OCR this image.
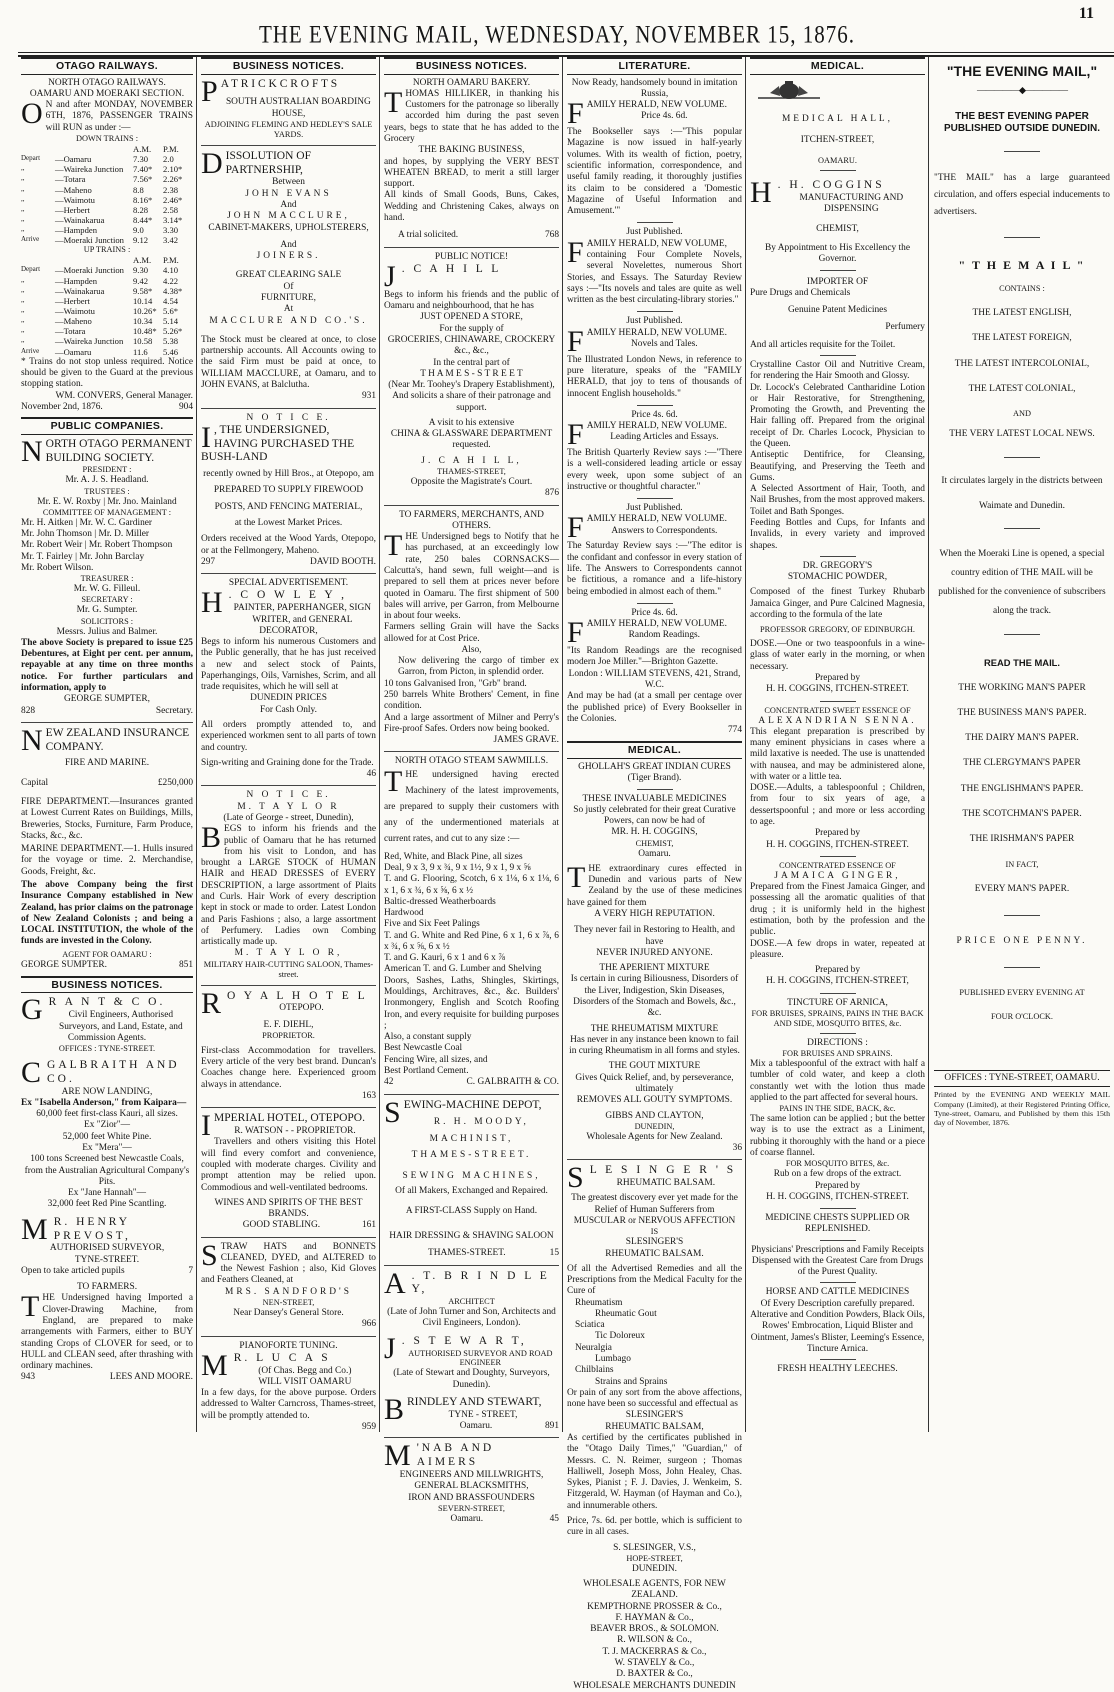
11
THE EVENING MAIL, WEDNESDAY, NOVEMBER 15, 1876.
OTAGO RAILWAYS.
NORTH OTAGO RAILWAYS.
OAMARU AND MOERAKI SECTION.
O N and after MONDAY, NOVEMBER 6TH, 1876, PASSENGER TRAINS will RUN as under :—
DOWN TRAINS :
A.M.	P.M.
Depart	—Oamaru	7.30	2.0
,,	—Waireka Junction	7.40*	2.10*
,,	—Totara	7.56*	2.26*
,,	—Maheno	8.8	2.38
,,	—Waimotu	8.16*	2.46*
,,	—Herbert	8.28	2.58
,,	—Wainakarua	8.44*	3.14*
,,	—Hampden	9.0	3.30
Arrive	—Moeraki Junction	9.12	3.42
UP TRAINS :
A.M.	P.M.
Depart	—Moeraki Junction	9.30	4.10
,,	—Hampden	9.42	4.22
,,	—Wainakarua	9.58*	4.38*
,,	—Herbert	10.14	4.54
,,	—Waimotu	10.26* 5.6*
,,	—Maheno	10.34	5.14
,,	—Totara	10.48* 5.26*
,,	—Waireka Junction	10.58	5.38
Arrive	—Oamaru	11.6	5.46
* Trains do not stop unless required. Notice should be given to the Guard at the previous stopping station.
WM. CONVERS, General Manager.
November 2nd, 1876.	904
PUBLIC COMPANIES.
NORTH OTAGO PERMANENT BUILDING SOCIETY.
PRESIDENT :
Mr. A. J. S. Headland.
TRUSTEES :
Mr. E. W. Roxby | Mr. Jno. Mainland
COMMITTEE OF MANAGEMENT :
Mr. H. Aitken | Mr. W. C. Gardiner
Mr. John Thomson | Mr. D. Miller
Mr. Robert Weir | Mr. Robert Thompson
Mr. T. Fairley | Mr. John Barclay
Mr. Robert Wilson.
TREASURER :
Mr. W. G. Filleul.
SECRETARY :
Mr. G. Sumpter.
SOLICITORS :
Messrs. Julius and Balmer.
The above Society is prepared to issue £25 Debentures, at Eight per cent. per annum, repayable at any time on three months notice. For further particulars and information, apply to
GEORGE SUMPTER,
828	Secretary.
NEW ZEALAND INSURANCE COMPANY.
FIRE AND MARINE.
Capital	£250,000
FIRE DEPARTMENT.—Insurances granted at Lowest Current Rates on Buildings, Mills, Breweries, Stocks, Furniture, Farm Produce, Stacks, &c., &c.
MARINE DEPARTMENT.—1. Hulls insured for the voyage or time. 2. Merchandise, Goods, Freight, &c.
The above Company being the first Insurance Company established in New Zealand, has prior claims on the patronage of New Zealand Colonists ; and being a LOCAL INSTITUTION, the whole of the funds are invested in the Colony.
AGENT FOR OAMARU :
GEORGE SUMPTER.	851
BUSINESS NOTICES.
G R A N T & C O.
Civil Engineers, Authorised Surveyors, and Land, Estate, and Commission Agents.
OFFICES : TYNE-STREET.
CGALBRAITH AND CO.
ARE NOW LANDING,
Ex "Isabella Anderson," from Kaipara—
60,000 feet first-class Kauri, all sizes.
Ex "Zior"—
52,000 feet White Pine.
Ex "Mera"—
100 tons Screened best Newcastle Coals, from the Australian Agricultural Company's Pits.
Ex "Jane Hannah"—
32,000 feet Red Pine Scantling.
M R. HENRY PREVOST,
AUTHORISED SURVEYOR,
TYNE-STREET.
Open to take articled pupils	7
TO FARMERS.
THE Undersigned having Imported a Clover-Drawing Machine, from England, are prepared to make arrangements with Farmers, either to BUY standing Crops of CLOVER for seed, or to HULL and CLEAN seed, after thrashing with ordinary machines.
943	LEES AND MOORE.
BUSINESS NOTICES.
P A T R I C K C R O F T S
SOUTH AUSTRALIAN BOARDING HOUSE,
ADJOINING FLEMING AND HEDLEY'S SALE YARDS.
DISSOLUTION OF PARTNERSHIP,
Between
JOHN EVANS
And
JOHN MACCLURE,
CABINET-MAKERS, UPHOLSTERERS,
And
JOINERS.
GREAT CLEARING SALE
Of
FURNITURE,
At
MACCLURE AND CO.'S.
The Stock must be cleared at once, to close partnership accounts. All Accounts owing to the said Firm must be paid at once, to WILLIAM MACCLURE, at Oamaru, and to JOHN EVANS, at Balclutha.
931
N O T I C E.
I , THE UNDERSIGNED, HAVING PURCHASED THE BUSH-LAND
recently owned by Hill Bros., at Otepopo, am
PREPARED TO SUPPLY FIREWOOD
POSTS, AND FENCING MATERIAL,
at the Lowest Market Prices.
Orders received at the Wood Yards, Otepopo, or at the Fellmongery, Maheno.
297	DAVID BOOTH.
SPECIAL ADVERTISEMENT.
H . C O W L E Y ,
PAINTER, PAPERHANGER, SIGN
WRITER, and GENERAL
DECORATOR,
Begs to inform his numerous Customers and the Public generally, that he has just received a new and select stock of Paints, Paperhangings, Oils, Varnishes, Scrim, and all trade requisites, which he will sell at
DUNEDIN PRICES
For Cash Only.
All orders promptly attended to, and experienced workmen sent to all parts of town and country.
Sign-writing and Graining done for the Trade.
46
N O T I C E.
M. T A Y L O R
(Late of George - street, Dunedin),
BEGS to inform his friends and the public of Oamaru that he has returned from his visit to London, and has brought a LARGE STOCK of HUMAN HAIR and HEAD DRESSES of EVERY DESCRIPTION, a large assortment of Plaits and Curls. Hair Work of every description kept in stock or made to order. Latest London and Paris Fashions ; also, a large assortment of Perfumery. Ladies own Combing artistically made up.
M. T A Y L O R,
MILITARY HAIR-CUTTING SALOON, Thames-street.
R O Y A L H O T E L
OTEPOPO.
E. F. DIEHL,
PROPRIETOR.
First-class Accommodation for travellers. Every article of the very best brand. Duncan's Coaches change here. Experienced groom always in attendance.
163
IMPERIAL HOTEL, OTEPOPO.
R. WATSON - - PROPRIETOR.
Travellers and others visiting this Hotel will find every comfort and convenience, coupled with moderate charges. Civility and prompt attention may be relied upon. Commodious and well-ventilated bedrooms.
WINES AND SPIRITS OF THE BEST BRANDS.
GOOD STABLING.	161
STRAW HATS and BONNETS CLEANED, DYED, and ALTERED to the Newest Fashion ; also, Kid Gloves and Feathers Cleaned, at
MRS. SANDFORD'S
NEN-STREET,
Near Dansey's General Store.
966
PIANOFORTE TUNING.
M R. L U C A S
(Of Chas. Begg and Co.)
WILL VISIT OAMARU
In a few days, for the above purpose. Orders addressed to Walter Carncross, Thames-street, will be promptly attended to.
959
BUSINESS NOTICES.
NORTH OAMARU BAKERY.
THOMAS HILLIKER, in thanking his Customers for the patronage so liberally accorded him during the past seven years, begs to state that he has added to the Grocery
THE BAKING BUSINESS,
and hopes, by supplying the VERY BEST WHEATEN BREAD, to merit a still larger support.
All kinds of Small Goods, Buns, Cakes, Wedding and Christening Cakes, always on hand.
A trial solicited.	768
PUBLIC NOTICE!
J . C A H I L L
Begs to inform his friends and the public of Oamaru and neighbourhood, that he has
JUST OPENED A STORE,
For the supply of
GROCERIES, CHINAWARE, CROCKERY
&c., &c.,
In the central part of
T H A M E S - S T R E E T
(Near Mr. Toohey's Drapery Establishment), And solicits a share of their patronage and support.
A visit to his extensive
CHINA & GLASSWARE DEPARTMENT
requested.
J. C A H I L L,
THAMES-STREET,
Opposite the Magistrate's Court.
876
TO FARMERS, MERCHANTS, AND OTHERS.
THE Undersigned begs to Notify that he has purchased, at an exceedingly low rate, 250 bales CORNSACKS—Calcutta's, hand sewn, full weight—and is prepared to sell them at prices never before quoted in Oamaru. The first shipment of 500 bales will arrive, per Garron, from Melbourne in about four weeks.
Farmers selling Grain will have the Sacks allowed for at Cost Price.
Also,
Now delivering the cargo of timber ex Garron, from Picton, in splendid order.
10 tons Galvanised Iron, "Grb" brand.
250 barrels White Brothers' Cement, in fine condition.
And a large assortment of Milner and Perry's Fire-proof Safes. Orders now being booked.
JAMES GRAVE.
NORTH OTAGO STEAM SAWMILLS.
THE undersigned having erected Machinery of the latest improvements, are prepared to supply their customers with any of the undermentioned materials at current rates, and cut to any size :—
Red, White, and Black Pine, all sizes
Deal, 9 x 3, 9 x ¾, 9 x 1½, 9 x 1, 9 x ⅝
T. and G. Flooring, Scotch, 6 x 1⅛, 6 x 1⅛, 6 x 1, 6 x ¾, 6 x ⅝, 6 x ½
Baltic-dressed Weatherboards
Hardwood
Five and Six Feet Palings
T. and G. White and Red Pine, 6 x 1, 6 x ⅞, 6 x ¾, 6 x ⅝, 6 x ½
T. and G. Kauri, 6 x 1 and 6 x ⅞
American T. and G. Lumber and Shelving
Doors, Sashes, Laths, Shingles, Skirtings, Mouldings, Architraves, &c., &c. Builders' Ironmongery, English and Scotch Roofing Iron, and every requisite for building purposes ;
Also, a constant supply
Best Newcastle Coal
Fencing Wire, all sizes, and
Best Portland Cement.
42	C. GALBRAITH & CO.
SEWING-MACHINE DEPOT,
R. H. MOODY,
MACHINIST,
THAMES-STREET.
SEWING MACHINES,
Of all Makers, Exchanged and Repaired.
A FIRST-CLASS Supply on Hand.
HAIR DRESSING & SHAVING SALOON
THAMES-STREET.	15
A . T. B R I N D L E Y,
ARCHITECT
(Late of John Turner and Son, Architects and Civil Engineers, London).
J . S T E W A R T,
AUTHORISED SURVEYOR AND ROAD ENGINEER
(Late of Stewart and Doughty, Surveyors, Dunedin).
BRINDLEY AND STEWART,
TYNE - STREET,
Oamaru.	891
M 'NAB AND AIMERS
ENGINEERS AND MILLWRIGHTS,
GENERAL BLACKSMITHS,
IRON AND BRASSFOUNDERS
SEVERN-STREET,
Oamaru.	45
LITERATURE.
Now Ready, handsomely bound in imitation Russia,
FAMILY HERALD, NEW VOLUME.
Price 4s. 6d.
The Bookseller says :—"This popular Magazine is now issued in half-yearly volumes. With its wealth of fiction, poetry, scientific information, correspondence, and useful family reading, it thoroughly justifies its claim to be considered a 'Domestic Magazine of Useful Information and Amusement.'"
Just Published.
FAMILY HERALD, NEW VOLUME,
containing Four Complete Novels, several Novelettes, numerous Short Stories, and Essays. The Saturday Review says :—"Its novels and tales are quite as well written as the best circulating-library stories."
Just Published.
FAMILY HERALD, NEW VOLUME.
Novels and Tales.
The Illustrated London News, in reference to pure literature, speaks of the "FAMILY HERALD, that joy to tens of thousands of innocent English households."
Price 4s. 6d.
FAMILY HERALD, NEW VOLUME.
Leading Articles and Essays.
The British Quarterly Review says :—"There is a well-considered leading article or essay every week, upon some subject of an instructive or thoughtful character."
Just Published.
FAMILY HERALD, NEW VOLUME.
Answers to Correspondents.
The Saturday Review says :—"The editor is the confidant and confessor in every station of life. The Answers to Correspondents cannot be fictitious, a romance and a life-history being embodied in almost each of them."
Price 4s. 6d.
FAMILY HERALD, NEW VOLUME.
Random Readings.
"Its Random Readings are the recognised modern Joe Miller."—Brighton Gazette.
London : WILLIAM STEVENS, 421, Strand, W.C.
And may be had (at a small per centage over the published price) of Every Bookseller in the Colonies.
774
MEDICAL.
GHOLLAH'S GREAT INDIAN CURES
(Tiger Brand).
THESE INVALUABLE MEDICINES
So justly celebrated for their great Curative Powers, can now be had of
MR. H. H. COGGINS,
CHEMIST,
Oamaru.
THE extraordinary cures effected in Dunedin and various parts of New Zealand by the use of these medicines have gained for them
A VERY HIGH REPUTATION.
They never fail in Restoring to Health, and have
NEVER INJURED ANYONE.
THE APERIENT MIXTURE
Is certain in curing Biliousness, Disorders of the Liver, Indigestion, Skin Diseases, Disorders of the Stomach and Bowels, &c., &c.
THE RHEUMATISM MIXTURE
Has never in any instance been known to fail in curing Rheumatism in all forms and styles.
THE GOUT MIXTURE
Gives Quick Relief, and, by perseverance, ultimately
REMOVES ALL GOUTY SYMPTOMS.
GIBBS AND CLAYTON,
DUNEDIN,
Wholesale Agents for New Zealand.
36
S L E S I N G E R ' S
RHEUMATIC BALSAM.
The greatest discovery ever yet made for the Relief of Human Sufferers from
MUSCULAR or NERVOUS AFFECTION
IS
SLESINGER'S
RHEUMATIC BALSAM.
Of all the Advertised Remedies and all the Prescriptions from the Medical Faculty for the Cure of
Rheumatism
Rheumatic Gout
Sciatica
Tic Doloreux
Neuralgia
Lumbago
Chilblains
Strains and Sprains
Or pain of any sort from the above affections, none have been so successful and effectual as
SLESINGER'S
RHEUMATIC BALSAM,
As certified by the certificates published in the "Otago Daily Times," "Guardian," of Messrs. C. N. Reimer, surgeon ; Thomas Halliwell, Joseph Moss, John Healey, Chas. Sykes, Pianist ; F. J. Davies, J. Wenkeim, S. Fitzgerald, W. Hayman (of Hayman and Co.), and innumerable others.
Price, 7s. 6d. per bottle, which is sufficient to cure in all cases.
S. SLESINGER, V.S.,
HOPE-STREET,
DUNEDIN.
WHOLESALE AGENTS, FOR NEW ZEALAND.
KEMPTHORNE PROSSER & Co.,
F. HAYMAN & Co.,
BEAVER BROS., & SOLOMON.
R. WILSON & Co.,
T. J. MACKERRAS & Co.,
W. STAVELY & Co.,
D. BAXTER & Co.,
WHOLESALE MERCHANTS DUNEDIN
MEDICAL.
MEDICAL HALL,
ITCHEN-STREET,
OAMARU.
H . H. COGGINS
MANUFACTURING AND DISPENSING
CHEMIST,
By Appointment to His Excellency the Governor.
IMPORTER OF
Pure Drugs and Chemicals
Genuine Patent Medicines
Perfumery
And all articles requisite for the Toilet.
Crystalline Castor Oil and Nutritive Cream, for rendering the Hair Smooth and Glossy.
Dr. Locock's Celebrated Cantharidine Lotion or Hair Restorative, for Strengthening, Promoting the Growth, and Preventing the Hair falling off. Prepared from the original receipt of Dr. Charles Locock, Physician to the Queen.
Antiseptic Dentifrice, for Cleansing, Beautifying, and Preserving the Teeth and Gums.
A Selected Assortment of Hair, Tooth, and Nail Brushes, from the most approved makers. Toilet and Bath Sponges.
Feeding Bottles and Cups, for Infants and Invalids, in every variety and improved shapes.
DR. GREGORY'S
STOMACHIC POWDER,
Composed of the finest Turkey Rhubarb Jamaica Ginger, and Pure Calcined Magnesia, according to the formula of the late
PROFESSOR GREGORY, OF EDINBURGH.
DOSE.—One or two teaspoonfuls in a wine-glass of water early in the morning, or when necessary.
Prepared by
H. H. COGGINS, ITCHEN-STREET.
CONCENTRATED SWEET ESSENCE OF
ALEXANDRIAN SENNA.
This elegant preparation is prescribed by many eminent physicians in cases where a mild laxative is needed. The use is unattended with nausea, and may be administered alone, with water or a little tea.
DOSE.—Adults, a tablespoonful ; Children, from four to six years of age, a dessertspoonful ; and more or less according to age.
Prepared by
H. H. COGGINS, ITCHEN-STREET.
CONCENTRATED ESSENCE OF
JAMAICA GINGER,
Prepared from the Finest Jamaica Ginger, and possessing all the aromatic qualities of that drug ; it is uniformly held in the highest estimation, both by the profession and the public.
DOSE.—A few drops in water, repeated at pleasure.
Prepared by
H. H. COGGINS, ITCHEN-STREET,
TINCTURE OF ARNICA,
FOR BRUISES, SPRAINS, PAINS IN THE BACK AND SIDE, MOSQUITO BITES, &c.
DIRECTIONS :
FOR BRUISES AND SPRAINS.
Mix a tablespoonful of the extract with half a tumbler of cold water, and keep a cloth constantly wet with the lotion thus made applied to the part affected for several hours.
PAINS IN THE SIDE, BACK, &c.
The same lotion can be applied ; but the better way is to use the extract as a Liniment, rubbing it thoroughly with the hand or a piece of coarse flannel.
FOR MOSQUITO BITES, &c.
Rub on a few drops of the extract.
Prepared by
H. H. COGGINS, ITCHEN-STREET.
MEDICINE CHESTS SUPPLIED OR REPLENISHED.
Physicians' Prescriptions and Family Receipts Dispensed with the Greatest Care from Drugs of the Purest Quality.
HORSE AND CATTLE MEDICINES
Of Every Description carefully prepared. Alterative and Condition Powders, Black Oils, Rowes' Embrocation, Liquid Blister and Ointment, James's Blister, Leeming's Essence, Tincture Arnica.
FRESH HEALTHY LEECHES.
"THE EVENING MAIL,"
―――――◆―――――
THE BEST EVENING PAPER PUBLISHED OUTSIDE DUNEDIN.
"THE MAIL" has a large guaranteed circulation, and offers especial inducements to advertisers.
" T H E M A I L "
CONTAINS :
THE LATEST ENGLISH,
THE LATEST FOREIGN,
THE LATEST INTERCOLONIAL,
THE LATEST COLONIAL,
AND
THE VERY LATEST LOCAL NEWS.
It circulates largely in the districts between
Waimate and Dunedin.
When the Moeraki Line is opened, a special country edition of THE MAIL will be published for the convenience of subscribers along the track.
READ THE MAIL.
THE WORKING MAN'S PAPER
THE BUSINESS MAN'S PAPER.
THE DAIRY MAN'S PAPER.
THE CLERGYMAN'S PAPER
THE ENGLISHMAN'S PAPER.
THE SCOTCHMAN'S PAPER.
THE IRISHMAN'S PAPER
IN FACT,
EVERY MAN'S PAPER.
PRICE ONE PENNY.
PUBLISHED EVERY EVENING AT
FOUR O'CLOCK.
OFFICES : TYNE-STREET, OAMARU.
Printed by the EVENING AND WEEKLY MAIL Company (Limited), at their Registered Printing Office, Tyne-street, Oamaru, and Published by them this 15th day of November, 1876.
